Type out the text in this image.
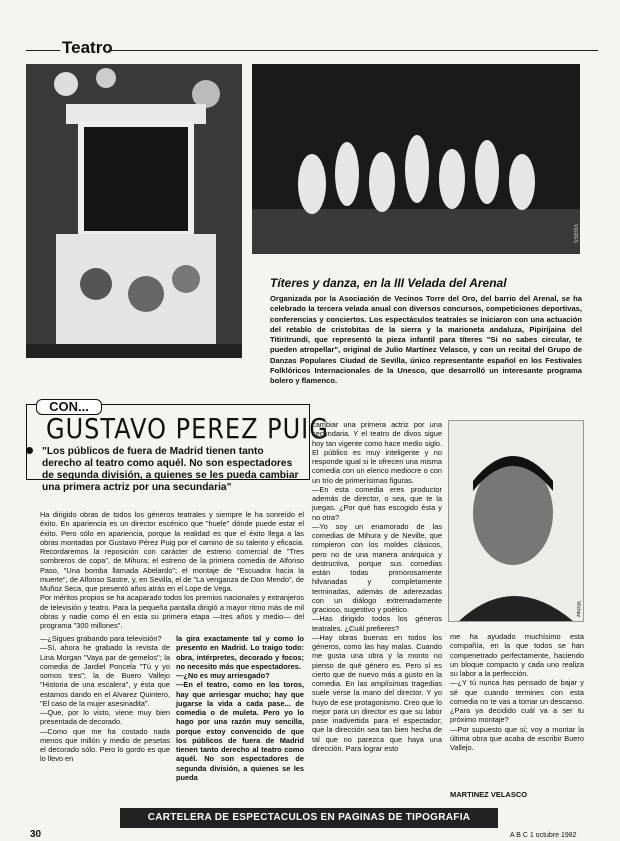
Teatro
VIGRES
Títeres y danza, en la III Velada del Arenal
Organizada por la Asociación de Vecinos Torre del Oro, del barrio del Arenal, se ha celebrado la tercera velada anual con diversos concursos, competiciones deportivas, conferencias y conciertos. Los espectáculos teatrales se iniciaron con una actuación del retablo de cristobitas de la sierra y la marioneta andaluza, Pipirijaina del Titiritrundi, que representó la pieza infantil para títeres "Si no sabes circular, te pueden atropellar", original de Julio Martínez Velasco, y con un recital del Grupo de Danzas Populares Ciudad de Sevilla, único representante español en los Festivales Folklóricos Internacionales de la Unesco, que desarrolló un interesante programa bolero y flamenco.
CON...
GUSTAVO PEREZ PUIG
"Los públicos de fuera de Madrid tienen tanto derecho al teatro como aquél. No son espectadores de segunda división, a quienes se les pueda cambiar una primera actriz por una secundaria"
Ha dirigido obras de todos los géneros teatrales y siempre le ha sonreído el éxito. En apariencia es un director escénico que "huele" dónde puede estar el éxito. Pero sólo en apariencia, porque la realidad es que el éxito llega a las obras montadas por Gustavo Pérez Puig por el camino de su talento y eficacia. Recordaremos la reposición con carácter de estreno comercial de "Tres sombreros de copa", de Mihura; el estreno de la primera comedia de Alfonso Paso, "Una bomba llamada Abelardo"; el montaje de "Escuadra hacia la muerte", de Alfonso Sastre, y, en Sevilla, el de "La venganza de Don Mendo", de Muñoz Seca, que presentó años atrás en el Lope de Vega.
Por méritos propios se ha acaparado todos los premios nacionales y extranjeros de televisión y teatro. Para la pequeña pantalla dirigió a mayor ritmo más de mil obras y nadie como él en esta su primera etapa —tres años y medio— del programa "300 millones".
—¿Sigues grabando para televisión?
—Sí, ahora he grabado la revista de Lina Morgan "Vaya par de gemelos"; la comedia de Jardiel Poncela "Tú y yo somos tres"; la de Buero Vallejo "Historia de una escalera", y ésta que estamos dando en el Alvarez Quintero, "El caso de la mujer asesinadita".
—Que, por lo visto, viene muy bien presentada de decorado.
—Como que me ha costado nada menos que millón y medio de pesetas el decorado sólo. Pero lo gordo es que lo llevo en
la gira exactamente tal y como lo presento en Madrid. Lo traigo todo: obra, intérpretes, decorado y focos; no necesito más que espectadores.
—¿No es muy arriesgado?
—En el teatro, como en los toros, hay que arriesgar mucho; hay que jugarse la vida a cada pase... de comedia o de muleta. Pero yo lo hago por una razón muy sencilla, porque estoy convencido de que los públicos de fuera de Madrid tienen tanto derecho al teatro como aquél. No son espectadores de segunda división, a quienes se les pueda
cambiar una primera actriz por una secundaria. Y el teatro de divos sigue hoy tan vigente como hace medio siglo. El público es muy inteligente y no responde igual si le ofrecen una misma comedia con un elenco mediocre o con un trío de primerísimas figuras.
—En esta comedia eres productor además de director, o sea, que te la juegas. ¿Por qué has escogido ésta y no otra?
—Yo soy un enamorado de las comedias de Mihura y de Neville, que rompieron con los moldes clásicos, pero no de una manera anárquica y destructiva, porque sus comedias están todas primorosamente hilvanadas y completamente terminadas, además de aderezadas con un diálogo extremadamente gracioso, sugestivo y poético.
—Has dirigido todos los géneros teatrales. ¿Cuál prefieres?
—Hay obras buenas en todos los géneros, como las hay malas. Cuando me gusta una obra y la monto no pienso de qué género es. Pero sí es cierto que de nuevo más a gusto en la comedia. En las amplísimas tragedias suele verse la mano del director. Y yo huyo de ese protagonismo. Creo que lo mejor para un director es que su labor pase inadvertida para el espectador; que la dirección sea tan bien hecha de tal que no parezca que haya una dirección. Para lograr esto
Vilchez
me ha ayudado muchísimo esta compañía, en la que todos se han compenetrado perfectamente, haciendo un bloque compacto y cada uno realiza su labor a la perfección.
—¿Y tú nunca has pensado de bajar y sé que cuando termines con esta comedia no te vas a tomar un descanso. ¿Para ya decidido cuál va a ser tu próximo montaje?
—Por supuesto que sí; voy a montar la última obra que acaba de escribir Buero Vallejo.
MARTINEZ VELASCO
CARTELERA DE ESPECTACULOS EN PAGINAS DE TIPOGRAFIA
30	A B C 1 octubre 1982
